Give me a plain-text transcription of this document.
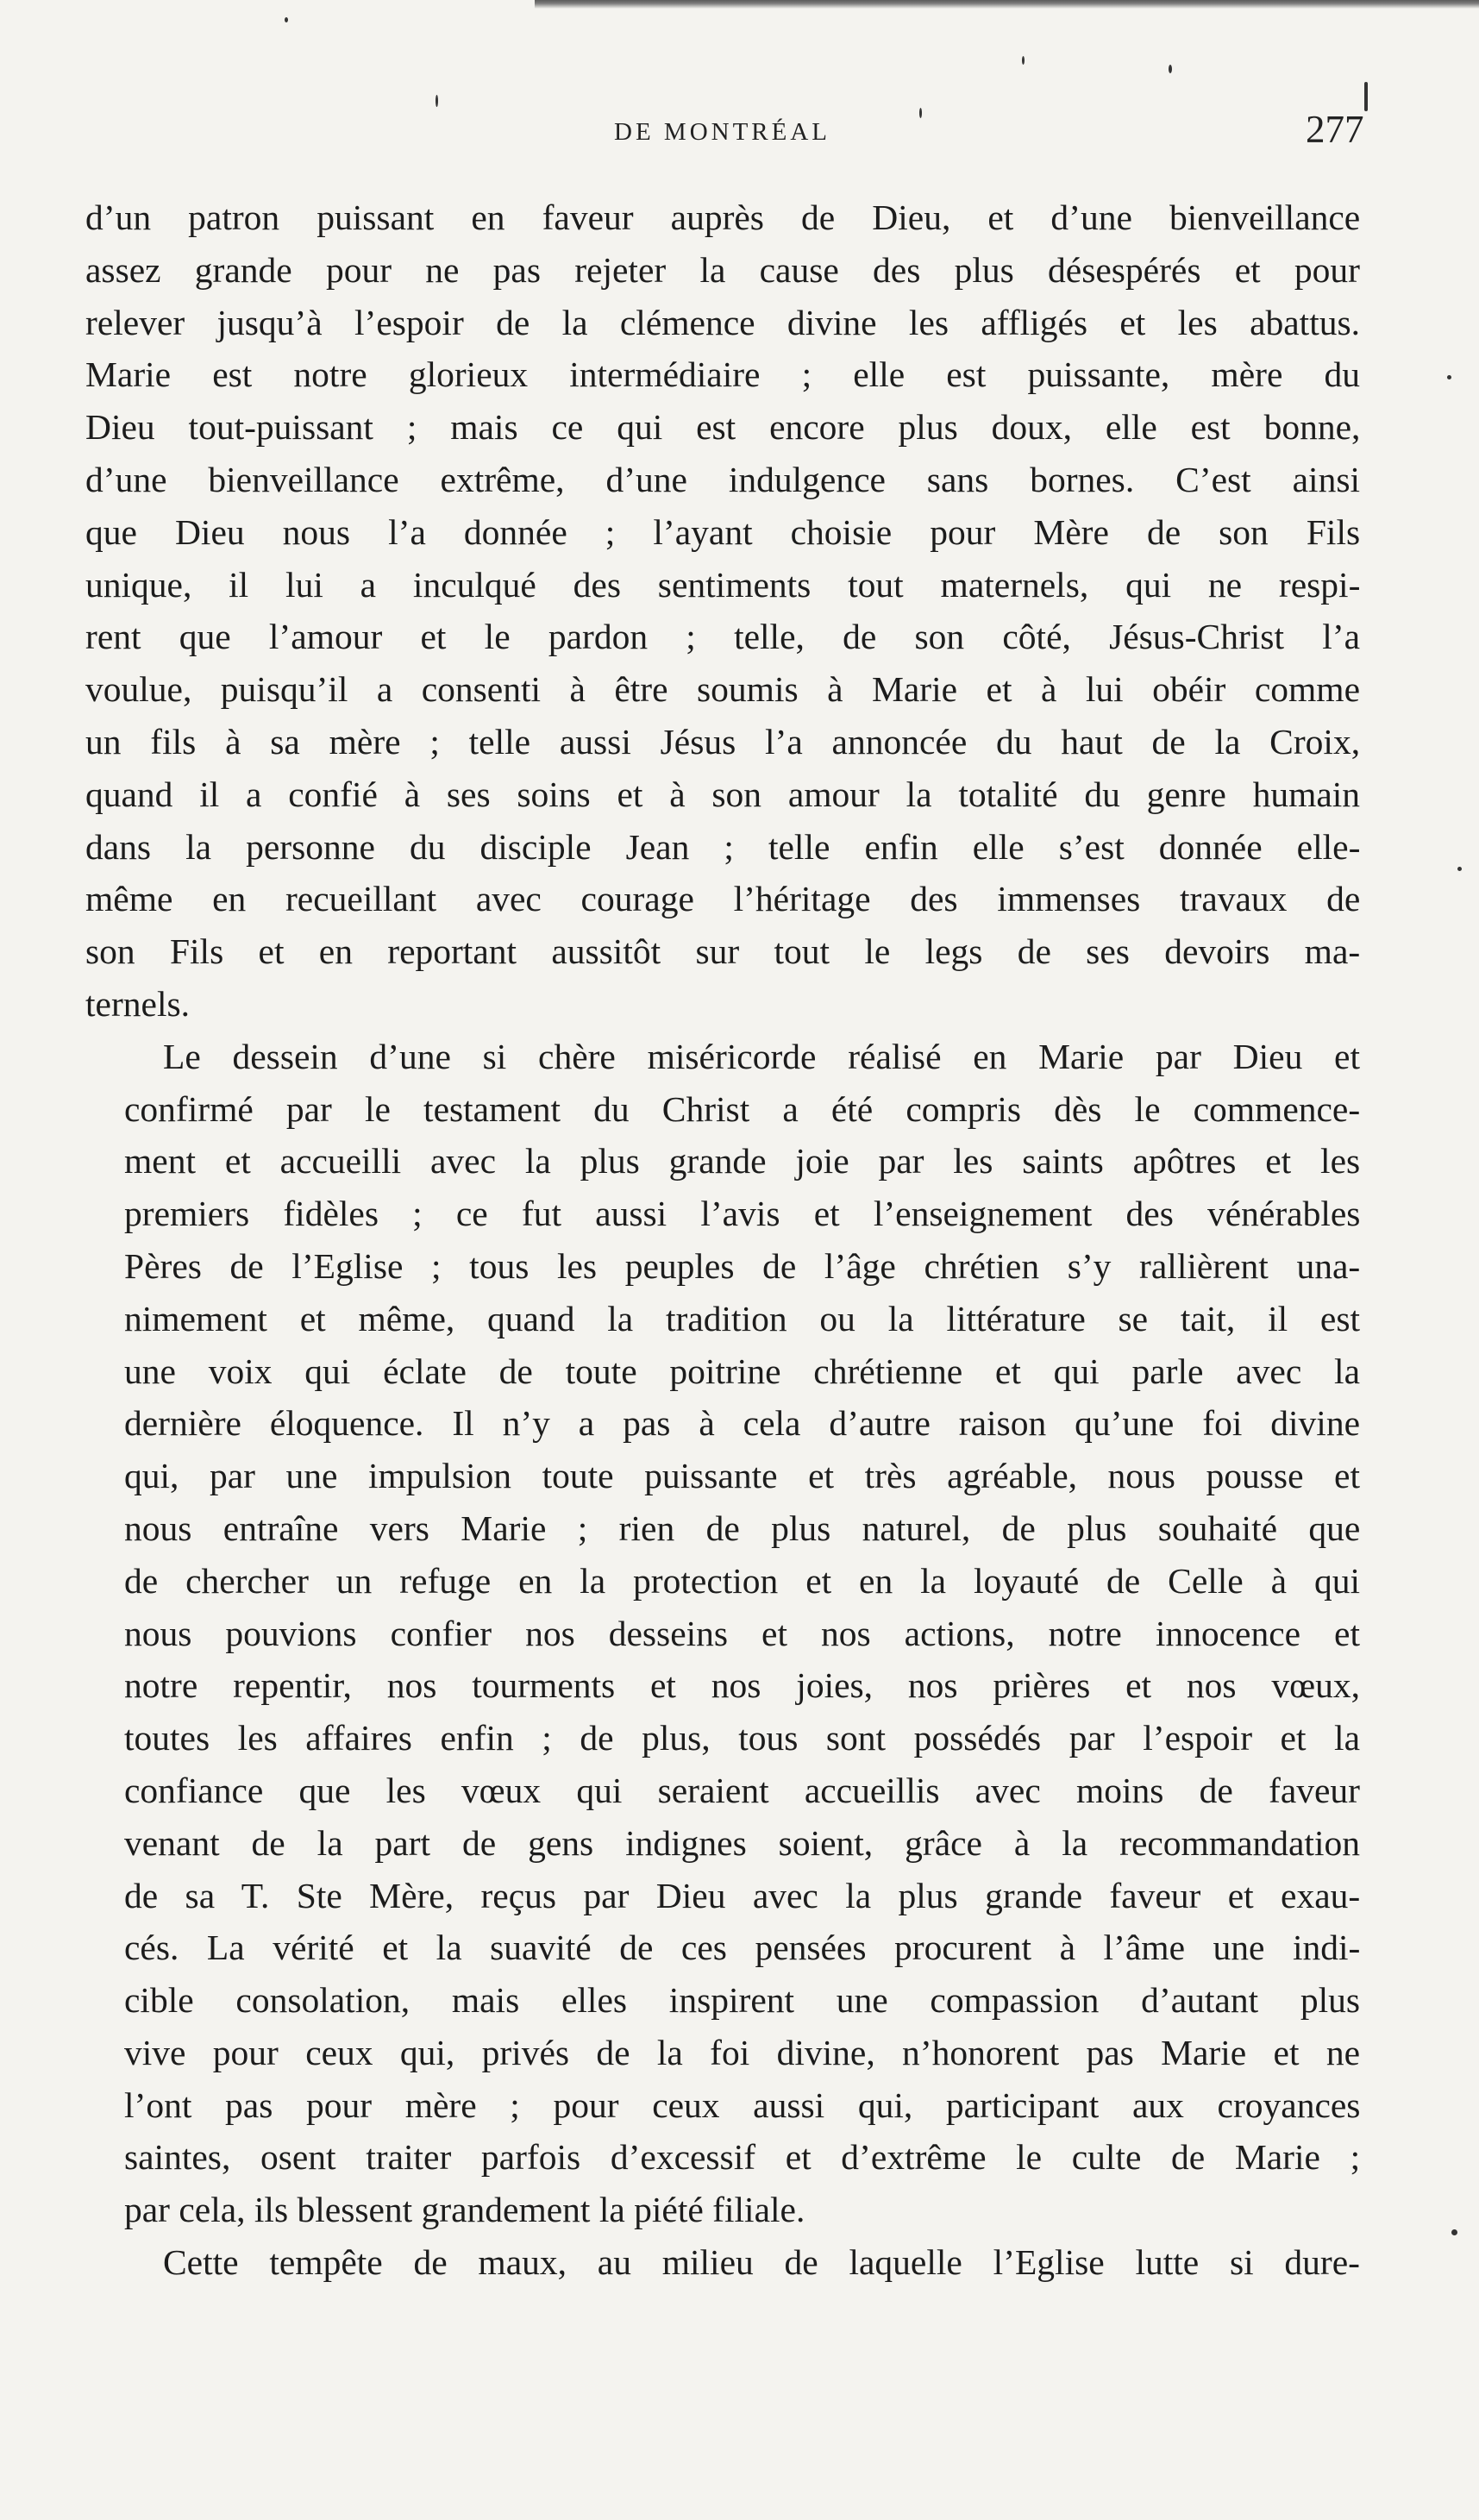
DE MONTRÉAL	277
d’un patron puissant en faveur auprès de Dieu, et d’une bienveillance
assez grande pour ne pas rejeter la cause des plus désespérés et pour
relever jusqu’à l’espoir de la clémence divine les affligés et les abattus.
Marie est notre glorieux intermédiaire ; elle est puissante, mère du
Dieu tout-puissant ; mais ce qui est encore plus doux, elle est bonne,
d’une bienveillance extrême, d’une indulgence sans bornes. C’est ainsi
que Dieu nous l’a donnée ; l’ayant choisie pour Mère de son Fils
unique, il lui a inculqué des sentiments tout maternels, qui ne respi-
rent que l’amour et le pardon ; telle, de son côté, Jésus-Christ l’a
voulue, puisqu’il a consenti à être soumis à Marie et à lui obéir comme
un fils à sa mère ; telle aussi Jésus l’a annoncée du haut de la Croix,
quand il a confié à ses soins et à son amour la totalité du genre humain
dans la personne du disciple Jean ; telle enfin elle s’est donnée elle-
même en recueillant avec courage l’héritage des immenses travaux de
son Fils et en reportant aussitôt sur tout le legs de ses devoirs ma-
ternels.
Le dessein d’une si chère miséricorde réalisé en Marie par Dieu et
confirmé par le testament du Christ a été compris dès le commence-
ment et accueilli avec la plus grande joie par les saints apôtres et les
premiers fidèles ; ce fut aussi l’avis et l’enseignement des vénérables
Pères de l’Eglise ; tous les peuples de l’âge chrétien s’y rallièrent una-
nimement et même, quand la tradition ou la littérature se tait, il est
une voix qui éclate de toute poitrine chrétienne et qui parle avec la
dernière éloquence. Il n’y a pas à cela d’autre raison qu’une foi divine
qui, par une impulsion toute puissante et très agréable, nous pousse et
nous entraîne vers Marie ; rien de plus naturel, de plus souhaité que
de chercher un refuge en la protection et en la loyauté de Celle à qui
nous pouvions confier nos desseins et nos actions, notre innocence et
notre repentir, nos tourments et nos joies, nos prières et nos vœux,
toutes les affaires enfin ; de plus, tous sont possédés par l’espoir et la
confiance que les vœux qui seraient accueillis avec moins de faveur
venant de la part de gens indignes soient, grâce à la recommandation
de sa T. Ste Mère, reçus par Dieu avec la plus grande faveur et exau-
cés. La vérité et la suavité de ces pensées procurent à l’âme une indi-
cible consolation, mais elles inspirent une compassion d’autant plus
vive pour ceux qui, privés de la foi divine, n’honorent pas Marie et ne
l’ont pas pour mère ; pour ceux aussi qui, participant aux croyances
saintes, osent traiter parfois d’excessif et d’extrême le culte de Marie ;
par cela, ils blessent grandement la piété filiale.
Cette tempête de maux, au milieu de laquelle l’Eglise lutte si dure-
